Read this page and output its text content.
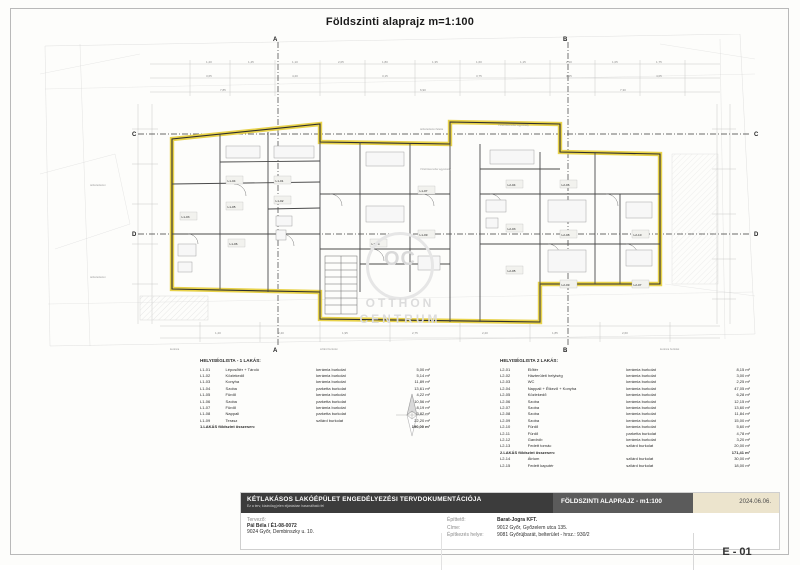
Földszinti alaprajz m=1:100
1,20	1,45	1,10	2,05	1,80	1,35	1,60	1,15	2,10	1,05	1,75
3,65	4,20	3,15	3,75	3,25	4,05
7,85	6,90	7,30
1,20	2,40	1,95	2,75	2,20	1,85	2,60
A
A
B
B
C
C
D
D
L1-04	L1-01
L1-05
L1-02
L1-03
L1-06	L1-08
L1-09
L1-07
L2-04
L2-03
L2-05
L2-06
L2-08
L2-09
L2-10
L2-07
tetőszerkezet felette
Vízszintes teher egyensúly
Vízszintes teher egyensúly
szilárd burkolat
kerámia	kerámia burkolat
tetőszerkezet
tetőszerkezet
OC
OTTHON
CENTRUM
HELYISÉGLISTA - 1 LAKÁS:
L1-01	Lépcsőtér + Tároló	kerámia burkolat	5,00 m²
L1-02	Közlekedő	kerámia burkolat	5,14 m²
L1-03	Konyha	kerámia burkolat	11,89 m²
L1-04	Szoba	parketta burkolat	13,61 m²
L1-05	Fürdő	kerámia burkolat	4,22 m²
L1-06	Szoba	parketta burkolat	10,56 m²
L1-07	Fürdő	kerámia burkolat	8,19 m²
L1-08	Nappali	parketta burkolat	3,82 m²
L1-09	Terasz	szilárd burkolat	22,20 m²
1.LAKÁS földszint összesen:			190,00 m²
HELYISÉGLISTA 2 LAKÁS:
L2-01	Előtér	kerámia burkolat	8,15 m²
L2-02	Házterületi helyiség	kerámia burkolat	3,00 m²
L2-03	WC	kerámia burkolat	2,25 m²
L2-04	Nappali + Étkező + Konyha	kerámia burkolat	47,05 m²
L2-05	Közlekedő	kerámia burkolat	6,28 m²
L2-06	Szoba	kerámia burkolat	12,15 m²
L2-07	Szoba	kerámia burkolat	13,60 m²
L2-08	Szoba	kerámia burkolat	11,84 m²
L2-09	Szoba	kerámia burkolat	15,00 m²
L2-10	Fürdő	kerámia burkolat	5,60 m²
L2-11	Fürdő	parketta burkolat	4,78 m²
L2-12	Gardrób	kerámia burkolat	3,20 m²
L2-13	Fedett tornác	szilárd burkolat	20,00 m²
2.LAKÁS földszint összesen:			171,41 m²
L2-14	Átrium	szilárd burkolat	30,00 m²
L2-15	Fedett kaputér	szilárd burkolat	18,00 m²
KÉTLAKÁSOS LAKÓÉPÜLET ENGEDÉLYEZÉSI TERVDOKUMENTÁCIÓJA
Ez a terv, kizárólag jelen eljárásban használható fel
FÖLDSZINTI ALAPRAJZ - m1:100	2024.06.06.
Tervező:
Pál Béla / É1-08-0072
9024 Győr, Dembinszky u. 10.
Építtető:	Barat-Jogra KFT.
Címe:	9012 Győr, Győzelem utca 135.
Építkezés helye:	9081 Győrújbarát, belterület - hrsz.: 930/2
E - 01
